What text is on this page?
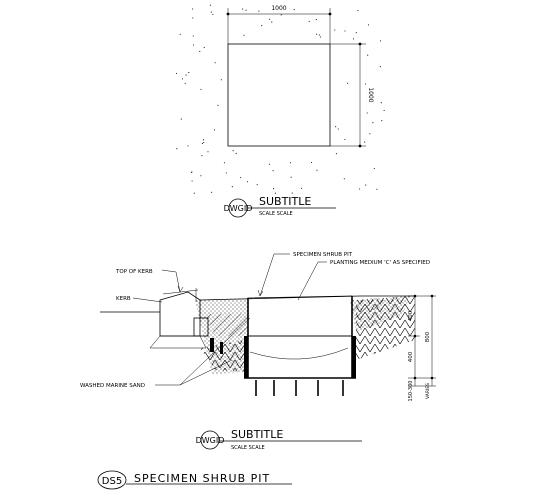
1000
1000
DWGID
SUBTITLE
SCALE SCALE
TOP OF KERB
KERB
SPECIMEN SHRUB PIT
PLANTING MEDIUM 'C' AS SPECIFIED
WASHED MARINE SAND
400
400
800
150-300	VARIES
DWGID SUBTITLE
SCALE SCALE
DS5 SPECIMEN SHRUB PIT
